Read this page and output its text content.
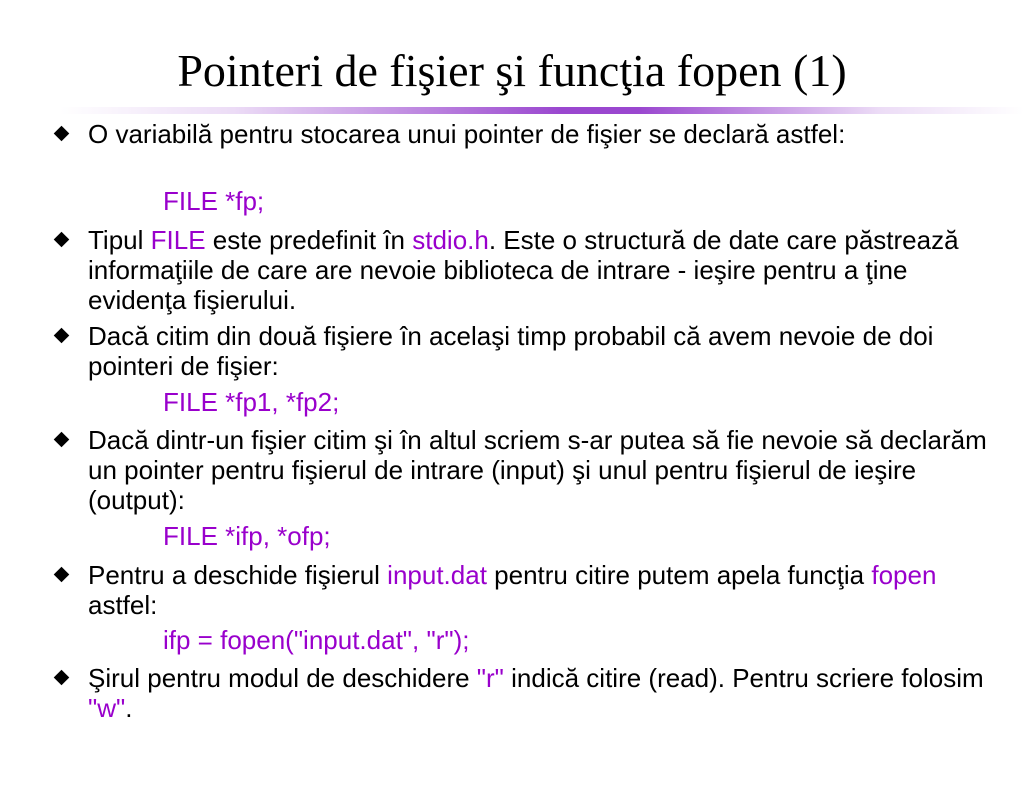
Pointeri de fişier şi funcţia fopen (1)
O variabilă pentru stocarea unui pointer de fişier se declară astfel:
FILE *fp;
Tipul FILE este predefinit în stdio.h. Este o structură de date care păstrează informaţiile de care are nevoie biblioteca de intrare - ieşire pentru a ţine evidenţa fişierului.
Dacă citim din două fişiere în acelaşi timp probabil că avem nevoie de doi pointeri de fişier:
FILE *fp1, *fp2;
Dacă dintr-un fişier citim şi în altul scriem s-ar putea să fie nevoie să declarăm un pointer pentru fişierul de intrare (input) şi unul pentru fişierul de ieşire (output):
FILE *ifp, *ofp;
Pentru a deschide fişierul input.dat pentru citire putem apela funcţia fopen astfel:
ifp = fopen("input.dat", "r");
Şirul pentru modul de deschidere "r" indică citire (read). Pentru scriere folosim "w".
